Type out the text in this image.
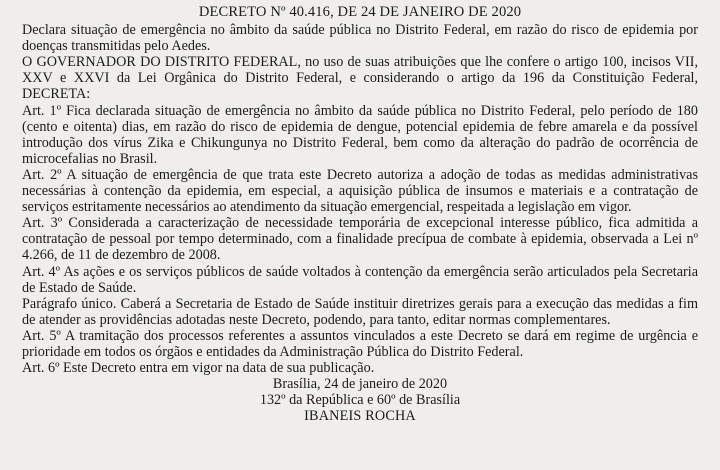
DECRETO Nº 40.416, DE 24 DE JANEIRO DE 2020

Declara situação de emergência no âmbito da saúde pública no Distrito Federal, em razão do risco de epidemia por doenças transmitidas pelo Aedes.

O GOVERNADOR DO DISTRITO FEDERAL, no uso de suas atribuições que lhe confere o artigo 100, incisos VII, XXV e XXVI da Lei Orgânica do Distrito Federal, e considerando o artigo da 196 da Constituição Federal, DECRETA:

Art. 1º Fica declarada situação de emergência no âmbito da saúde pública no Distrito Federal, pelo período de 180 (cento e oitenta) dias, em razão do risco de epidemia de dengue, potencial epidemia de febre amarela e da possível introdução dos vírus Zika e Chikungunya no Distrito Federal, bem como da alteração do padrão de ocorrência de microcefalias no Brasil.

Art. 2º A situação de emergência de que trata este Decreto autoriza a adoção de todas as medidas administrativas necessárias à contenção da epidemia, em especial, a aquisição pública de insumos e materiais e a contratação de serviços estritamente necessários ao atendimento da situação emergencial, respeitada a legislação em vigor.

Art. 3º Considerada a caracterização de necessidade temporária de excepcional interesse público, fica admitida a contratação de pessoal por tempo determinado, com a finalidade precípua de combate à epidemia, observada a Lei nº 4.266, de 11 de dezembro de 2008.

Art. 4º As ações e os serviços públicos de saúde voltados à contenção da emergência serão articulados pela Secretaria de Estado de Saúde.

Parágrafo único. Caberá a Secretaria de Estado de Saúde instituir diretrizes gerais para a execução das medidas a fim de atender as providências adotadas neste Decreto, podendo, para tanto, editar normas complementares.

Art. 5º A tramitação dos processos referentes a assuntos vinculados a este Decreto se dará em regime de urgência e prioridade em todos os órgãos e entidades da Administração Pública do Distrito Federal.

Art. 6º Este Decreto entra em vigor na data de sua publicação.

Brasília, 24 de janeiro de 2020

132º da República e 60º de Brasília

IBANEIS ROCHA
